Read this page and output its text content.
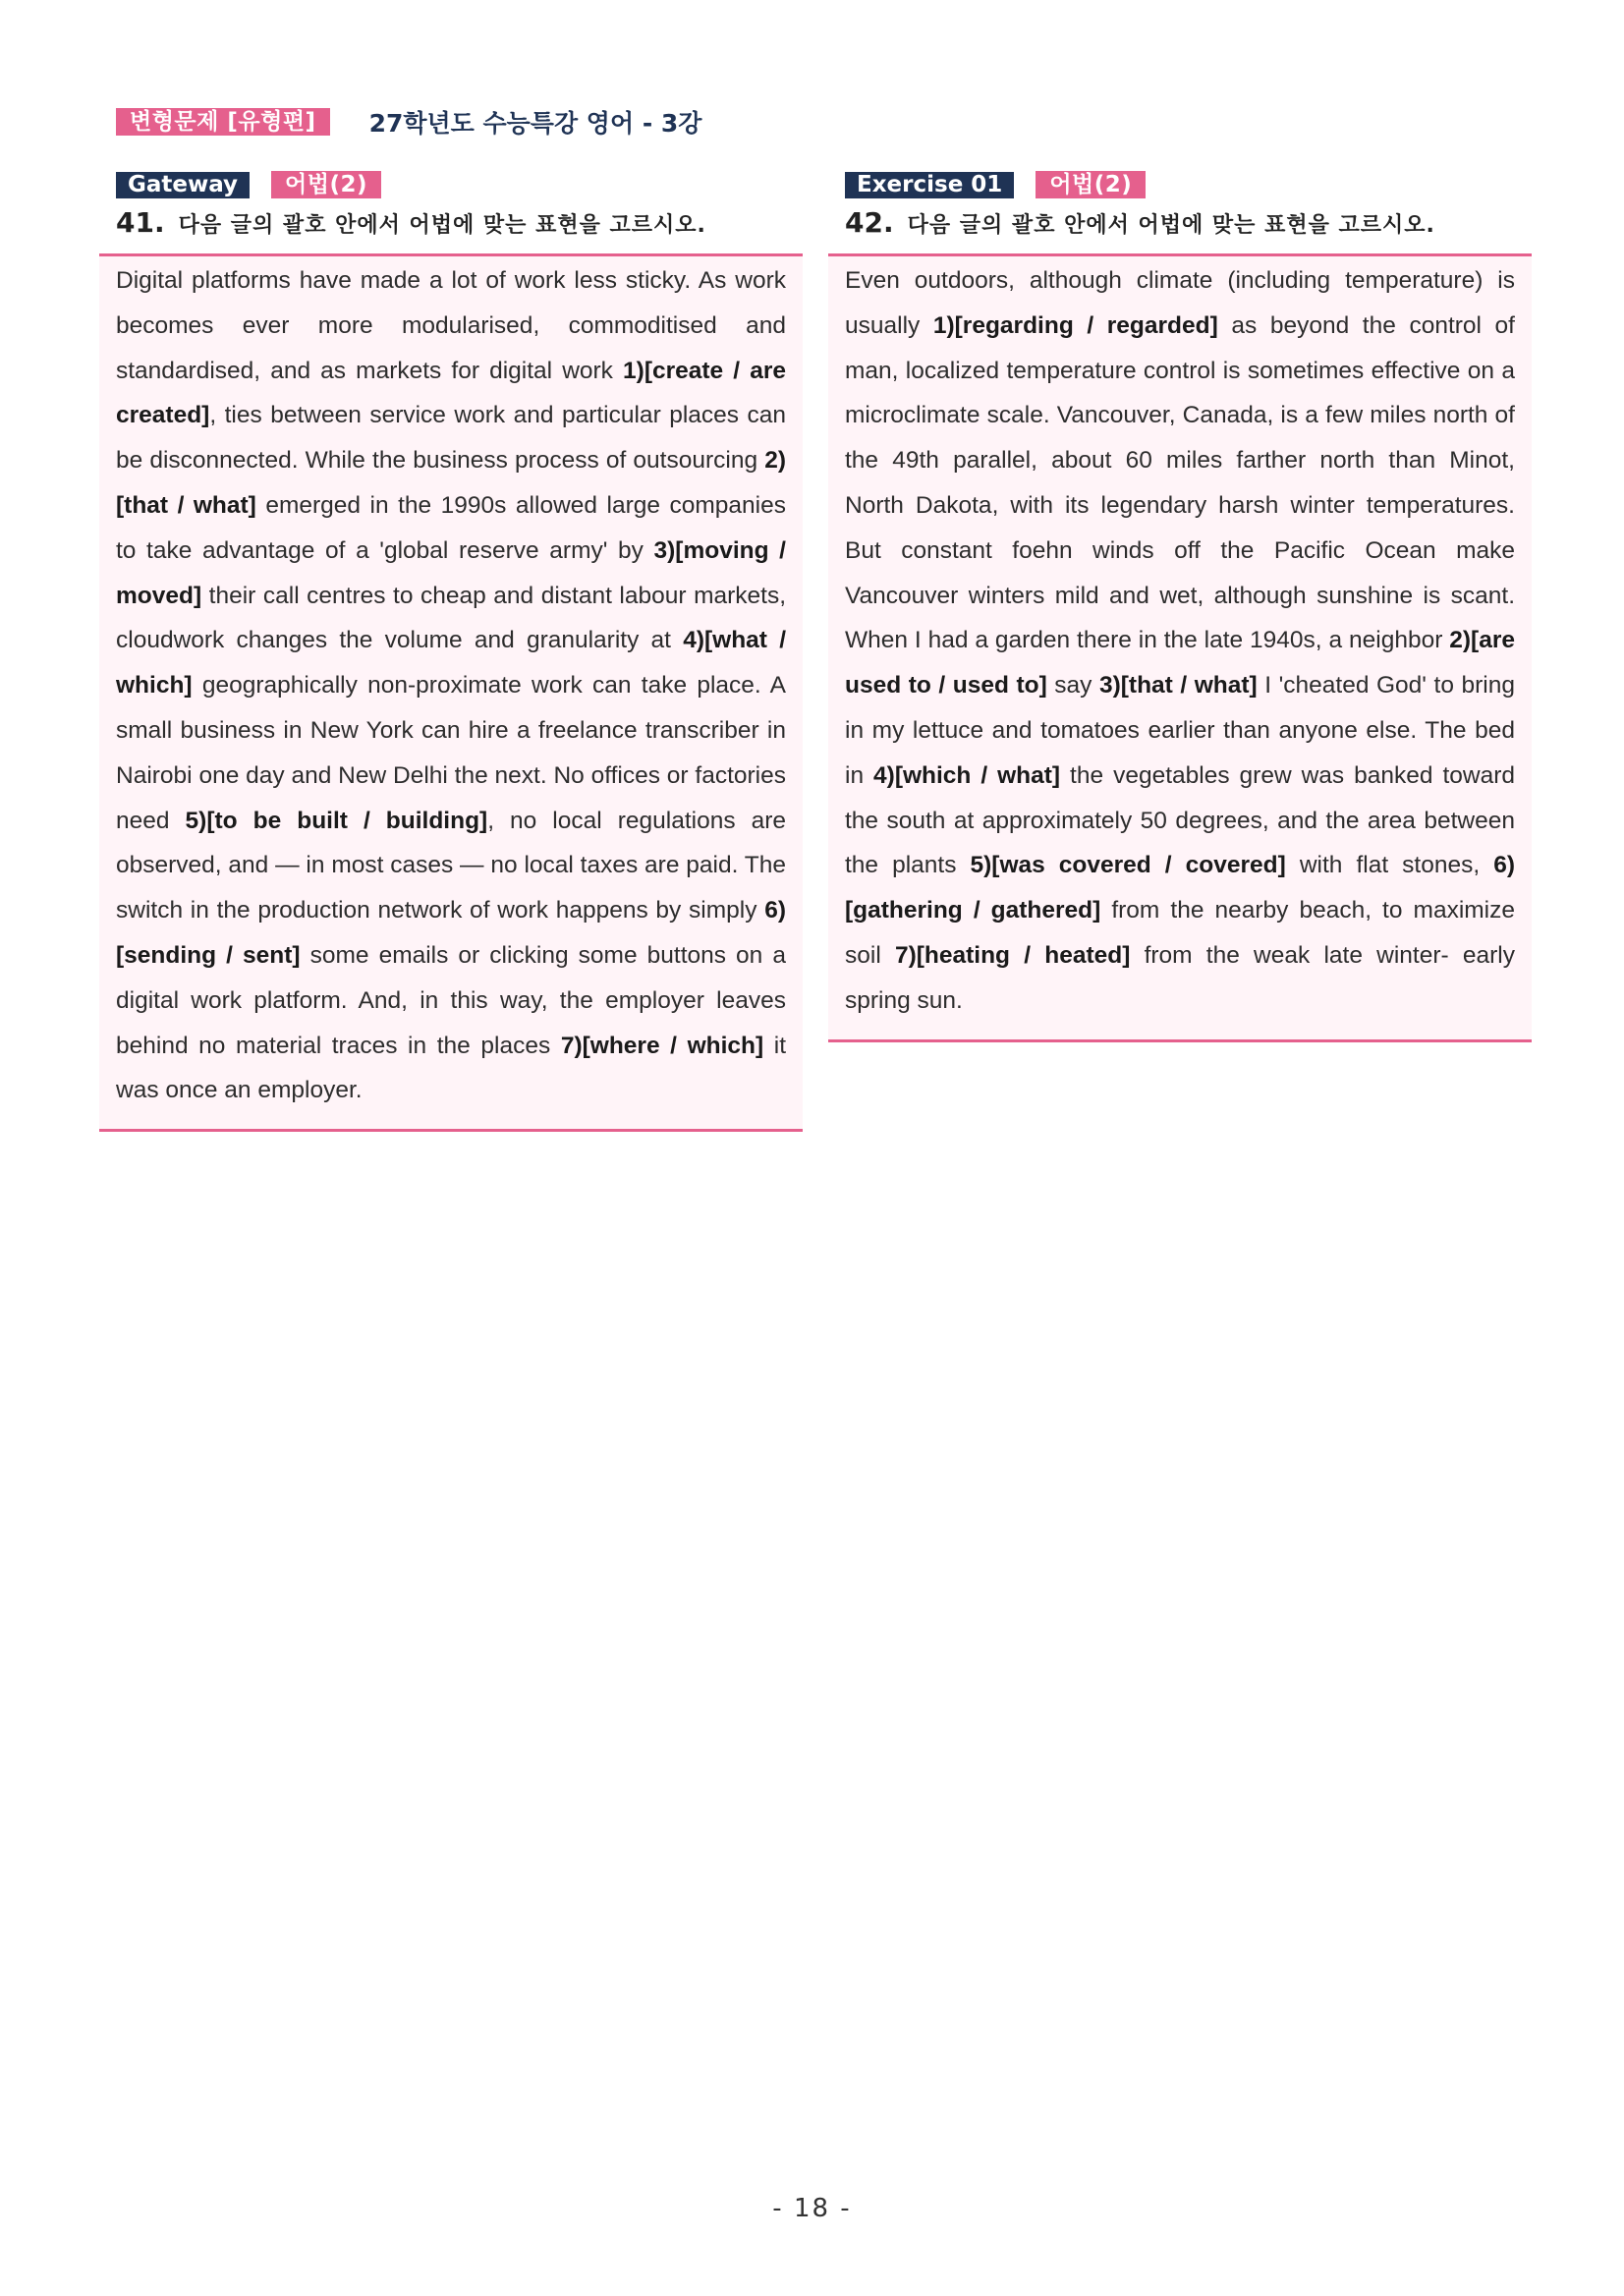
변형문제 [유형편]	27학년도 수능특강 영어 - 3강
Gateway	어법(2)
41. 다음 글의 괄호 안에서 어법에 맞는 표현을 고르시오.

Digital platforms have made a lot of work less sticky. As work becomes ever more modularised, commoditised and standardised, and as markets for digital work 1)[create / are created], ties between service work and particular places can be disconnected. While the business process of outsourcing 2)[that / what] emerged in the 1990s allowed large companies to take advantage of a 'global reserve army' by 3)[moving / moved] their call centres to cheap and distant labour markets, cloudwork changes the volume and granularity at 4)[what / which] geographically non-proximate work can take place. A small business in New York can hire a freelance transcriber in Nairobi one day and New Delhi the next. No offices or factories need 5)[to be built / building], no local regulations are observed, and — in most cases — no local taxes are paid. The switch in the production network of work happens by simply 6)[sending / sent] some emails or clicking some buttons on a digital work platform. And, in this way, the employer leaves behind no material traces in the places 7)[where / which] it was once an employer.

Exercise 01	어법(2)
42. 다음 글의 괄호 안에서 어법에 맞는 표현을 고르시오.

Even outdoors, although climate (including temperature) is usually 1)[regarding / regarded] as beyond the control of man, localized temperature control is sometimes effective on a microclimate scale. Vancouver, Canada, is a few miles north of the 49th parallel, about 60 miles farther north than Minot, North Dakota, with its legendary harsh winter temperatures. But constant foehn winds off the Pacific Ocean make Vancouver winters mild and wet, although sunshine is scant. When I had a garden there in the late 1940s, a neighbor 2)[are used to / used to] say 3)[that / what] I 'cheated God' to bring in my lettuce and tomatoes earlier than anyone else. The bed in 4)[which / what] the vegetables grew was banked toward the south at approximately 50 degrees, and the area between the plants 5)[was covered / covered] with flat stones, 6)[gathering / gathered] from the nearby beach, to maximize soil 7)[heating / heated] from the weak late winter- early spring sun.

- 18 -
